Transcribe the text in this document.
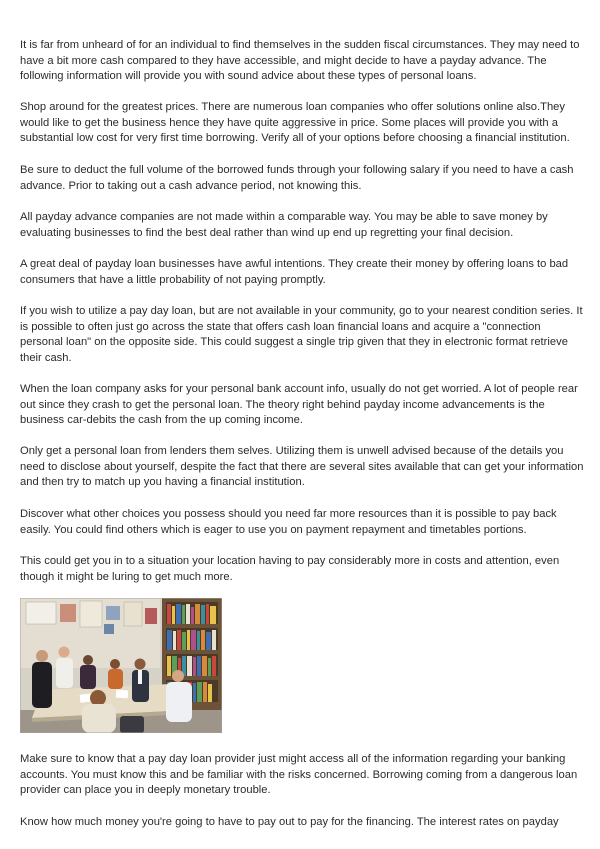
It is far from unheard of for an individual to find themselves in the sudden fiscal circumstances. They may need to have a bit more cash compared to they have accessible, and might decide to have a payday advance. The following information will provide you with sound advice about these types of personal loans.

Shop around for the greatest prices. There are numerous loan companies who offer solutions online also.They would like to get the business hence they have quite aggressive in price. Some places will provide you with a substantial low cost for very first time borrowing. Verify all of your options before choosing a financial institution.

Be sure to deduct the full volume of the borrowed funds through your following salary if you need to have a cash advance. Prior to taking out a cash advance period, not knowing this.

All payday advance companies are not made within a comparable way. You may be able to save money by evaluating businesses to find the best deal rather than wind up end up regretting your final decision.

A great deal of payday loan businesses have awful intentions. They create their money by offering loans to bad consumers that have a little probability of not paying promptly.

If you wish to utilize a pay day loan, but are not available in your community, go to your nearest condition series. It is possible to often just go across the state that offers cash loan financial loans and acquire a "connection personal loan" on the opposite side. This could suggest a single trip given that they in electronic format retrieve their cash.

When the loan company asks for your personal bank account info, usually do not get worried. A lot of people rear out since they crash to get the personal loan. The theory right behind payday income advancements is the business car-debits the cash from the up coming income.

Only get a personal loan from lenders them selves. Utilizing them is unwell advised because of the details you need to disclose about yourself, despite the fact that there are several sites available that can get your information and then try to match up you having a financial institution.

Discover what other choices you possess should you need far more resources than it is possible to pay back easily. You could find others which is eager to use you on payment repayment and timetables portions.

This could get you in to a situation your location having to pay considerably more in costs and attention, even though it might be luring to get much more.

Make sure to know that a pay day loan provider just might access all of the information regarding your banking accounts. You must know this and be familiar with the risks concerned. Borrowing coming from a dangerous loan provider can place you in deeply monetary trouble.

Know how much money you're going to have to pay out to pay for the financing. The interest rates on payday
